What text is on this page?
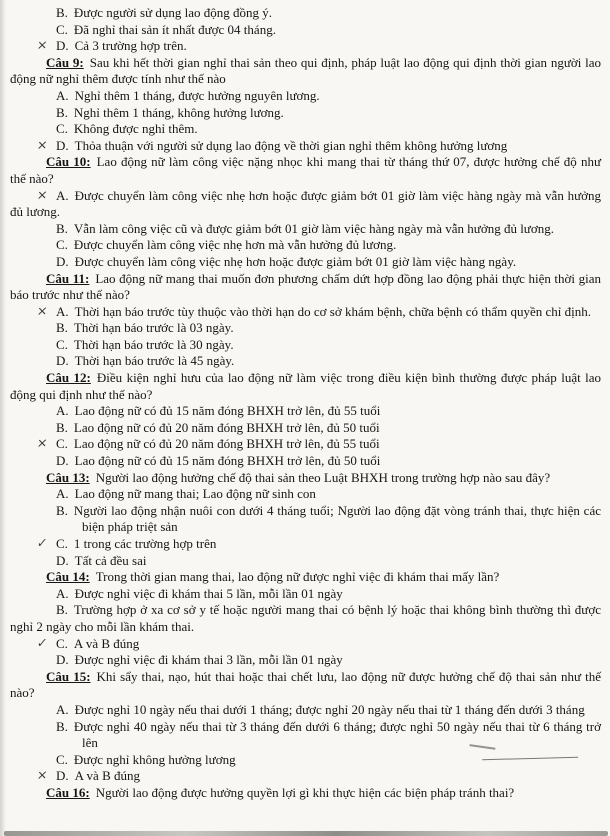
B. Được người sử dụng lao động đồng ý.
C. Đã nghỉ thai sản ít nhất được 04 tháng.
× D. Cả 3 trường hợp trên.
Câu 9: Sau khi hết thời gian nghỉ thai sản theo qui định, pháp luật lao động qui định thời gian người lao động nữ nghỉ thêm được tính như thế nào
A. Nghỉ thêm 1 tháng, được hưởng nguyên lương.
B. Nghỉ thêm 1 tháng, không hưởng lương.
C. Không được nghỉ thêm.
× D. Thỏa thuận với người sử dụng lao động về thời gian nghỉ thêm không hưởng lương
Câu 10: Lao động nữ làm công việc nặng nhọc khi mang thai từ tháng thứ 07, được hưởng chế độ như thế nào?
× A. Được chuyển làm công việc nhẹ hơn hoặc được giảm bớt 01 giờ làm việc hàng ngày mà vẫn hưởng đủ lương.
B. Vẫn làm công việc cũ và được giảm bớt 01 giờ làm việc hàng ngày mà vẫn hưởng đủ lương.
C. Được chuyển làm công việc nhẹ hơn mà vẫn hưởng đủ lương.
D. Được chuyển làm công việc nhẹ hơn hoặc được giảm bớt 01 giờ làm việc hàng ngày.
Câu 11: Lao động nữ mang thai muốn đơn phương chấm dứt hợp đồng lao động phải thực hiện thời gian báo trước như thế nào?
× A. Thời hạn báo trước tùy thuộc vào thời hạn do cơ sở khám bệnh, chữa bệnh có thẩm quyền chỉ định.
B. Thời hạn báo trước là 03 ngày.
C. Thời hạn báo trước là 30 ngày.
D. Thời hạn báo trước là 45 ngày.
Câu 12: Điều kiện nghỉ hưu của lao động nữ làm việc trong điều kiện bình thường được pháp luật lao động qui định như thế nào?
A. Lao động nữ có đủ 15 năm đóng BHXH trở lên, đủ 55 tuổi
B. Lao động nữ có đủ 20 năm đóng BHXH trở lên, đủ 50 tuổi
× C. Lao động nữ có đủ 20 năm đóng BHXH trở lên, đủ 55 tuổi
D. Lao động nữ có đủ 15 năm đóng BHXH trở lên, đủ 50 tuổi
Câu 13: Người lao động hưởng chế độ thai sản theo Luật BHXH trong trường hợp nào sau đây?
A. Lao động nữ mang thai; Lao động nữ sinh con
B. Người lao động nhận nuôi con dưới 4 tháng tuổi; Người lao động đặt vòng tránh thai, thực hiện các biện pháp triệt sản
✓ C. 1 trong các trường hợp trên
D. Tất cả đều sai
Câu 14: Trong thời gian mang thai, lao động nữ được nghỉ việc đi khám thai mấy lần?
A. Được nghỉ việc đi khám thai 5 lần, mỗi lần 01 ngày
B. Trường hợp ở xa cơ sở y tế hoặc người mang thai có bệnh lý hoặc thai không bình thường thì được nghỉ 2 ngày cho mỗi lần khám thai.
✓ C. A và B đúng
D. Được nghỉ việc đi khám thai 3 lần, mỗi lần 01 ngày
Câu 15: Khi sẩy thai, nạo, hút thai hoặc thai chết lưu, lao động nữ được hưởng chế độ thai sản như thế nào?
A. Được nghỉ 10 ngày nếu thai dưới 1 tháng; được nghỉ 20 ngày nếu thai từ 1 tháng đến dưới 3 tháng
B. Được nghỉ 40 ngày nếu thai từ 3 tháng đến dưới 6 tháng; được nghỉ 50 ngày nếu thai từ 6 tháng trở lên
C. Được nghỉ không hưởng lương
× D. A và B đúng
Câu 16: Người lao động được hưởng quyền lợi gì khi thực hiện các biện pháp tránh thai?
